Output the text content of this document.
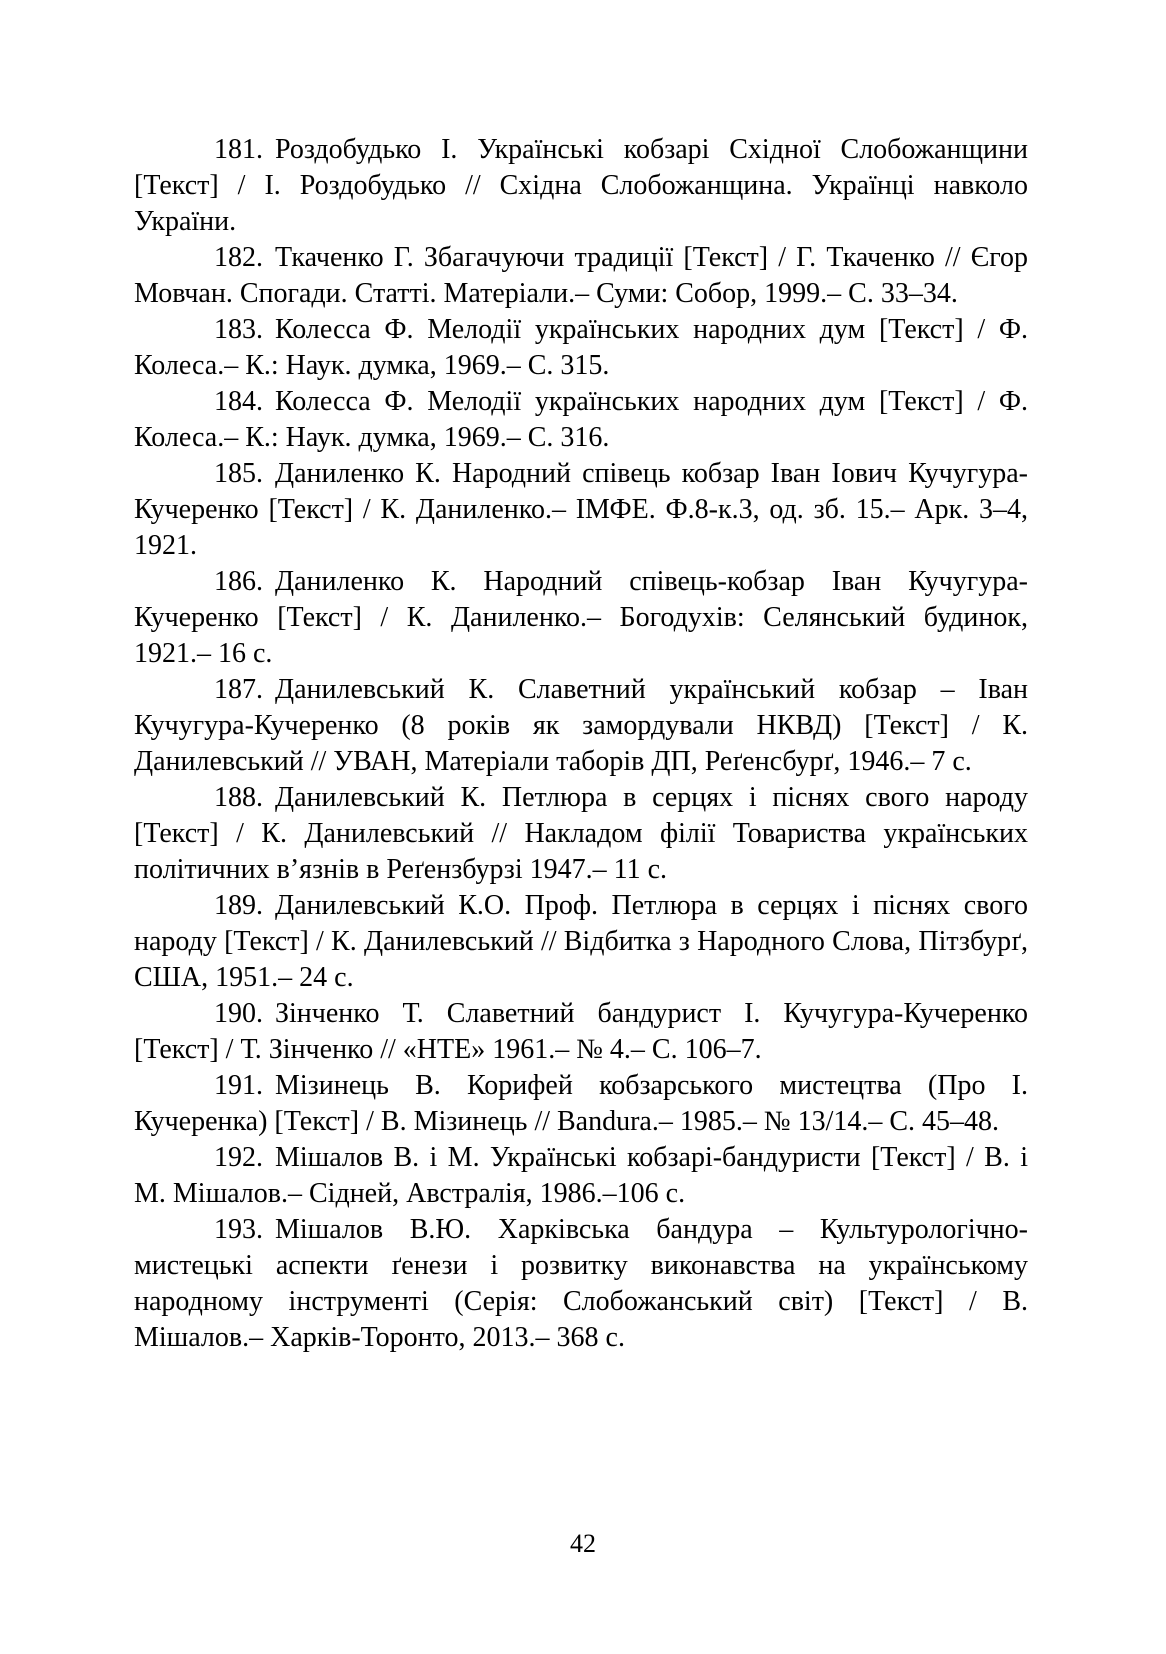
181. Роздобудько І. Українські кобзарі Східної Слобожанщини [Текст] / І. Роздобудько // Східна Слобожанщина. Українці навколо України.

182. Ткаченко Г. Збагачуючи традиції [Текст] / Г. Ткаченко // Єгор Мовчан. Спогади. Статті. Матеріали.– Суми: Собор, 1999.– С. 33–34.

183. Колесса Ф. Мелодії українських народних дум [Текст] / Ф. Колеса.– К.: Наук. думка, 1969.– С. 315.

184. Колесса Ф. Мелодії українських народних дум [Текст] / Ф. Колеса.– К.: Наук. думка, 1969.– С. 316.

185. Даниленко К. Народний співець кобзар Іван Іович Кучугура-Кучеренко [Текст] / К. Даниленко.– ІМФЕ. Ф.8-к.3, од. зб. 15.– Арк. 3–4, 1921.

186. Даниленко К. Народний співець-кобзар Іван Кучугура-Кучеренко [Текст] / К. Даниленко.– Богодухів: Селянський будинок, 1921.– 16 с.

187. Данилевський К. Славетний український кобзар – Іван Кучугура-Кучеренко (8 років як замордували НКВД) [Текст] / К. Данилевський // УВАН, Матеріали таборів ДП, Реґенсбурґ, 1946.– 7 с.

188. Данилевський К. Петлюра в серцях і піснях свого народу [Текст] / К. Данилевський // Накладом філії Товариства українських політичних в’язнів в Реґензбурзі 1947.– 11 с.

189. Данилевський К.О. Проф. Петлюра в серцях і піснях свого народу [Текст] / К. Данилевський // Відбитка з Народного Слова, Пітзбурґ, США, 1951.– 24 с.

190. Зінченко Т. Славетний бандурист І. Кучугура-Кучеренко [Текст] / Т. Зінченко // «НТЕ» 1961.– № 4.– С. 106–7.

191. Мізинець В. Корифей кобзарського мистецтва (Про І. Кучеренка) [Текст] / В. Мізинець // Bandura.– 1985.– № 13/14.– С. 45–48.

192. Мішалов В. і М. Українські кобзарі-бандуристи [Текст] / В. і М. Мішалов.– Сідней, Австралія, 1986.–106 с.

193. Мішалов В.Ю. Харківська бандура – Культурологічно-мистецькі аспекти ґенези і розвитку виконавства на українському народному інструменті (Серія: Слобожанський світ) [Текст] / В. Мішалов.– Харків-Торонто, 2013.– 368 с.

42
